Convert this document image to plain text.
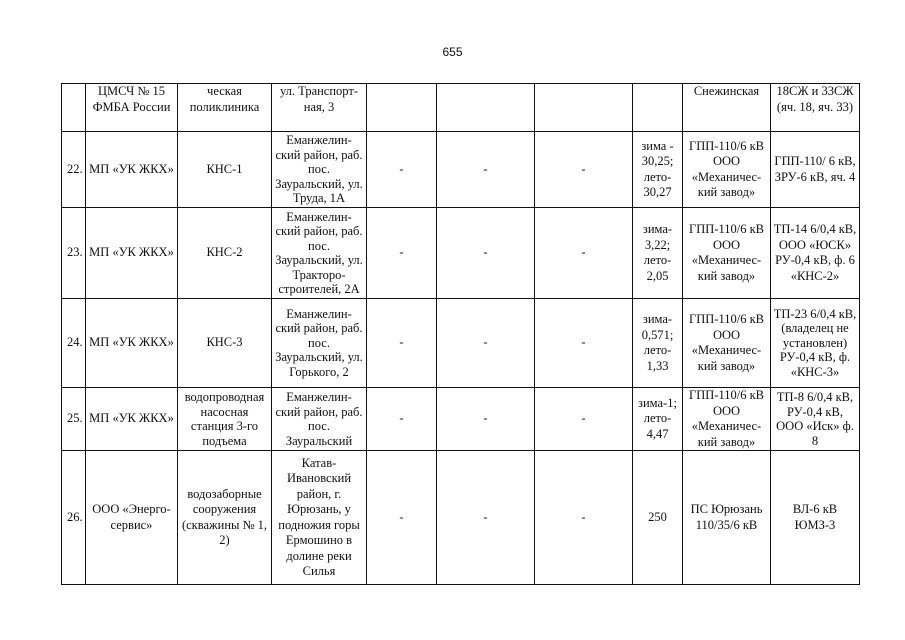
655
	ЦМСЧ № 15 ФМБА России	ческая поликлиника	ул. Транспорт-ная, 3					Снежинская	18СЖ и 33СЖ (яч. 18, яч. 33)
22.	МП «УК ЖКХ»	КНС-1	Еманжелин-ский район, раб. пос. Зауральский, ул. Труда, 1А	-	-	-	зима - 30,25; лето- 30,27	ГПП-110/6 кВ ООО «Механичес-кий завод»	ГПП-110/ 6 кВ, ЗРУ-6 кВ, яч. 4
23.	МП «УК ЖКХ»	КНС-2	Еманжелин-ский район, раб. пос. Зауральский, ул. Тракторо-строителей, 2А	-	-	-	зима- 3,22; лето- 2,05	ГПП-110/6 кВ ООО «Механичес-кий завод»	ТП-14 6/0,4 кВ, ООО «ЮСК» РУ-0,4 кВ, ф. 6 «КНС-2»
24.	МП «УК ЖКХ»	КНС-3	Еманжелин-ский район, раб. пос. Зауральский, ул. Горького, 2	-	-	-	зима- 0,571; лето- 1,33	ГПП-110/6 кВ ООО «Механичес-кий завод»	ТП-23 6/0,4 кВ, (владелец не установлен) РУ-0,4 кВ, ф. «КНС-3»
25.	МП «УК ЖКХ»	водопроводная насосная станция 3-го подъема	Еманжелин-ский район, раб. пос. Зауральский	-	-	-	зима-1; лето- 4,47	ГПП-110/6 кВ ООО «Механичес-кий завод»	ТП-8 6/0,4 кВ, РУ-0,4 кВ, ООО «Иск» ф. 8
26.	ООО «Энерго-сервис»	водозаборные сооружения (скважины № 1, 2)	Катав-Ивановский район, г. Юрюзань, у подножия горы Ермошино в долине реки Силья	-	-	-	250	ПС Юрюзань 110/35/6 кВ	ВЛ-6 кВ ЮМЗ-3
